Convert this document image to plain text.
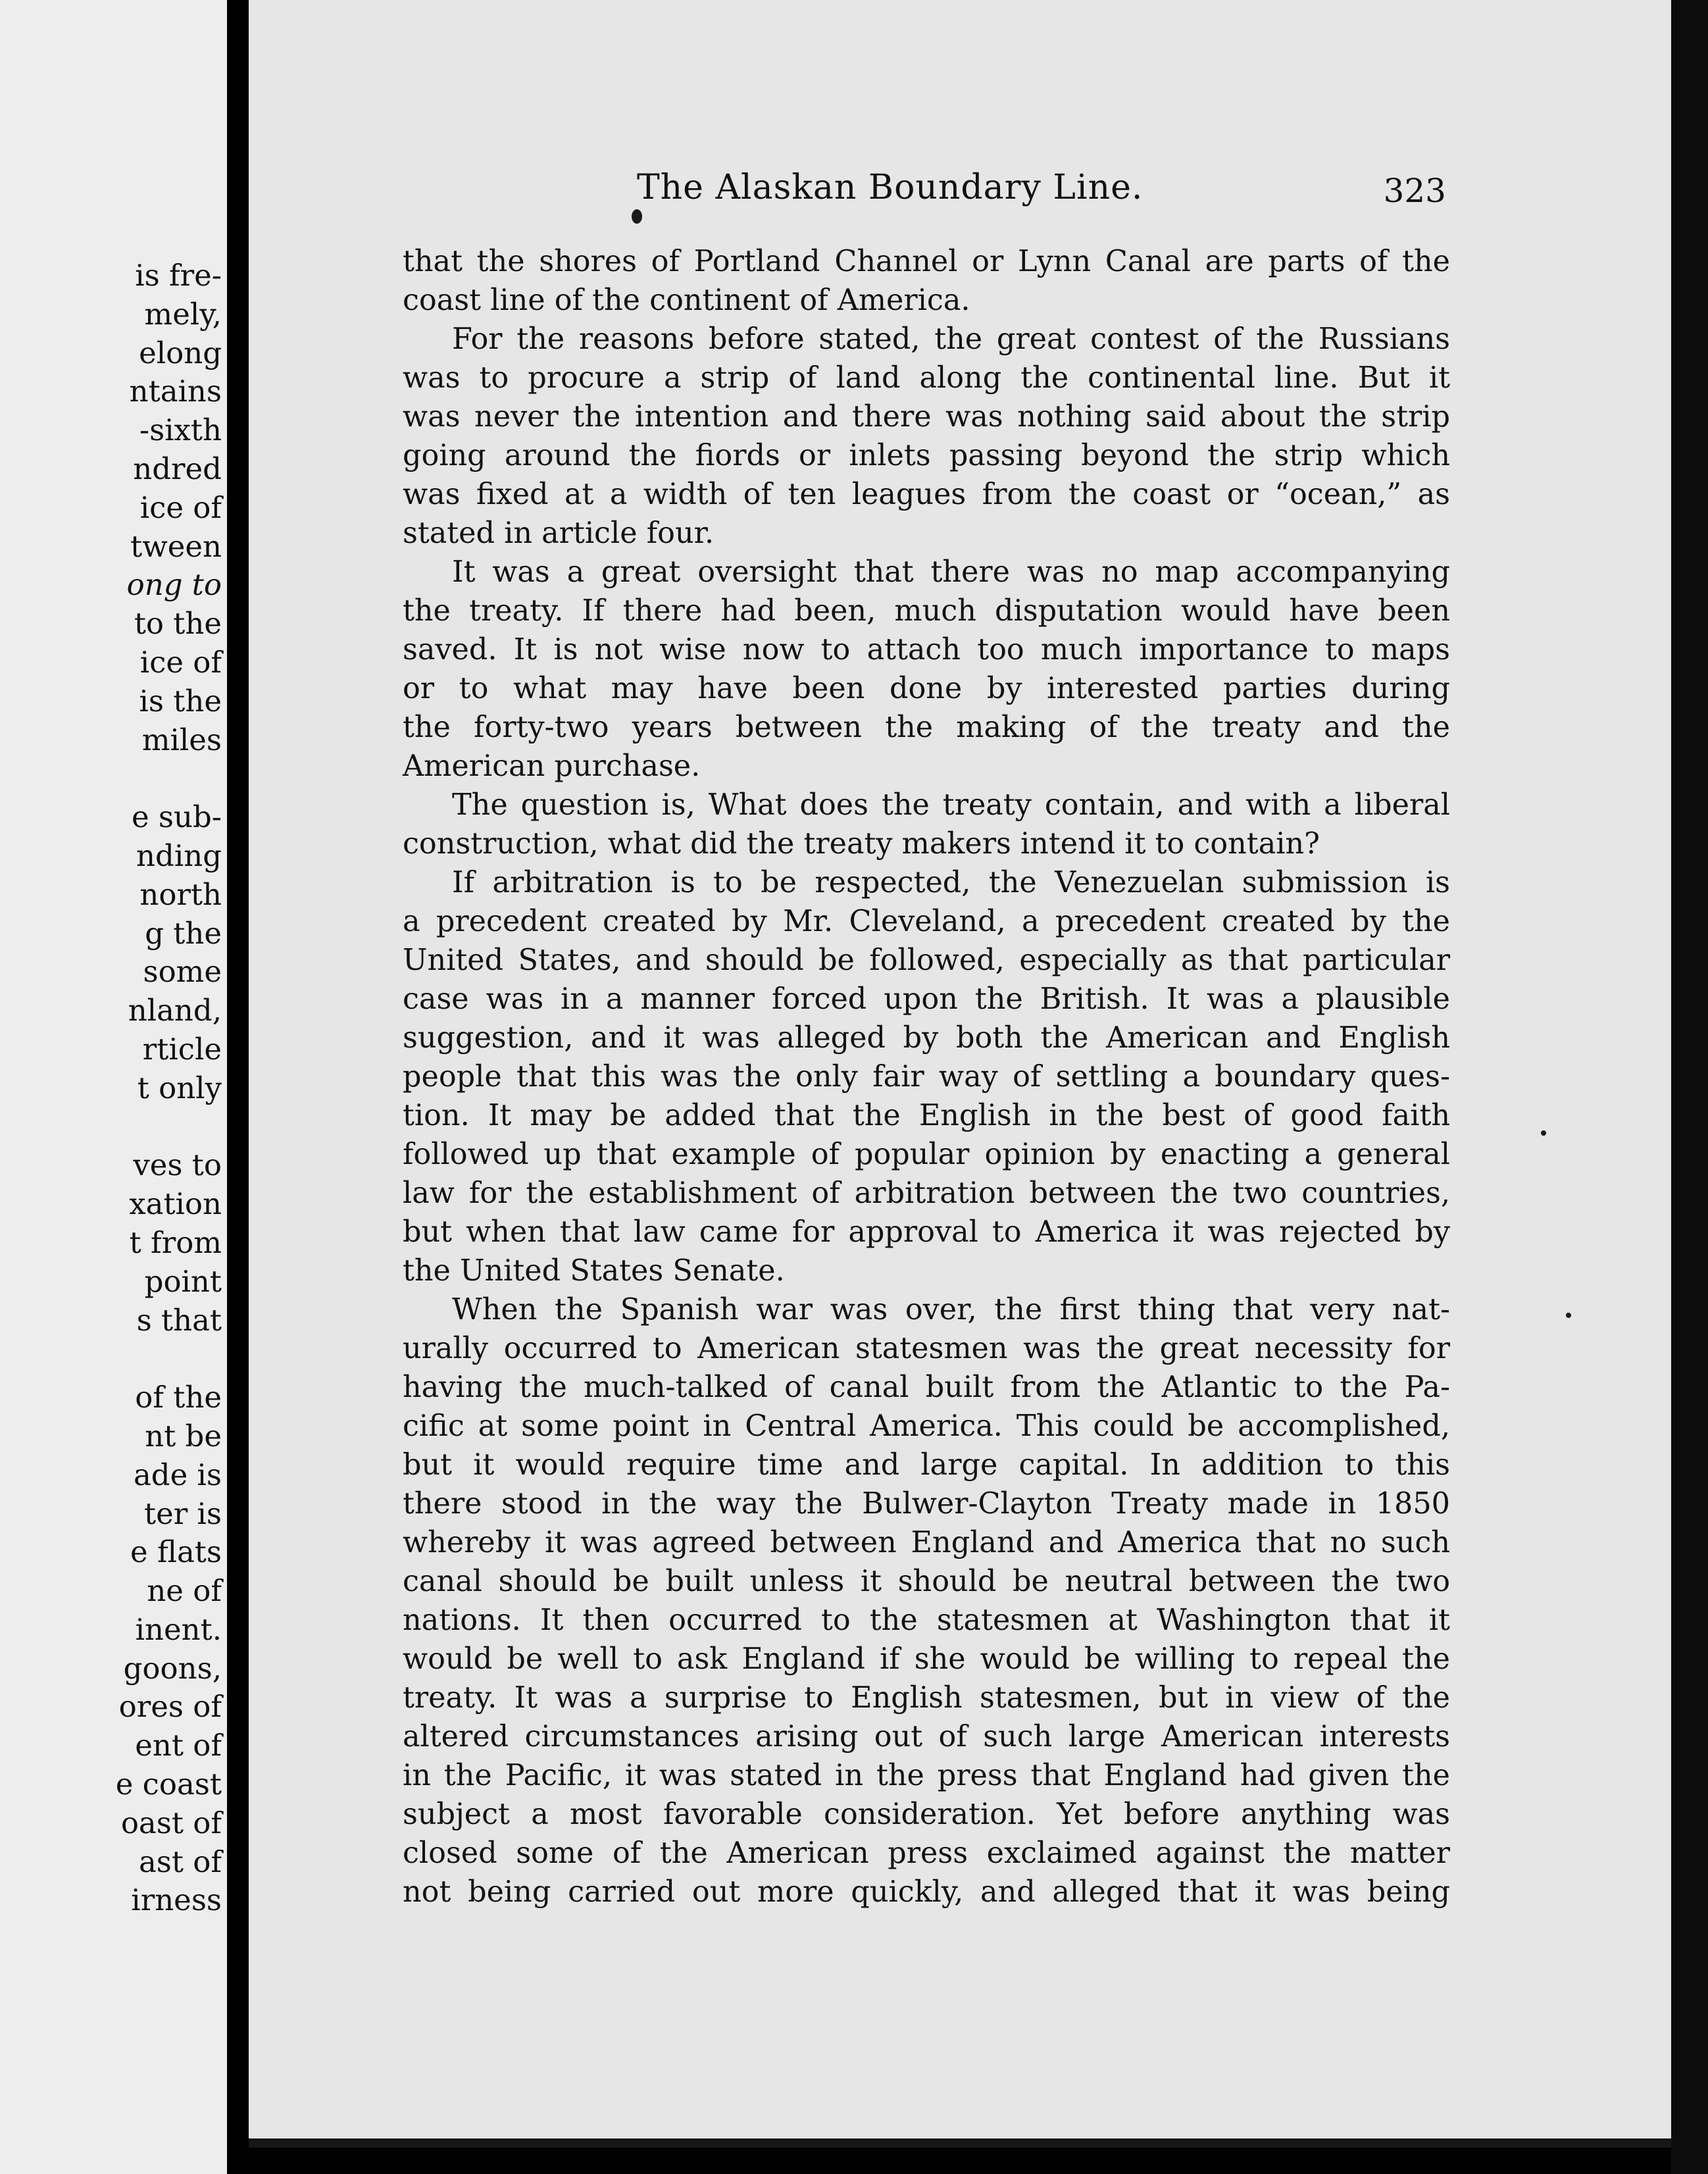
is fre-
mely,
elong
ntains
-sixth
ndred
ice of
tween
ong to
to the
ice of
is the
miles
e sub-
nding
north
g the
some
nland,
rticle
t only
ves to
xation
t from
point
s that
of the
nt be
ade is
ter is
e flats
ne of
inent.
goons,
ores of
ent of
e coast
oast of
ast of
irness
The Alaskan Boundary Line.	323
that the shores of Portland Channel or Lynn Canal are parts of the
coast line of the continent of America.
For the reasons before stated, the great contest of the Russians
was to procure a strip of land along the continental line. But it
was never the intention and there was nothing said about the strip
going around the fiords or inlets passing beyond the strip which
was fixed at a width of ten leagues from the coast or “ocean,” as
stated in article four.
It was a great oversight that there was no map accompanying
the treaty. If there had been, much disputation would have been
saved. It is not wise now to attach too much importance to maps
or to what may have been done by interested parties during
the forty-two years between the making of the treaty and the
American purchase.
The question is, What does the treaty contain, and with a liberal
construction, what did the treaty makers intend it to contain?
If arbitration is to be respected, the Venezuelan submission is
a precedent created by Mr. Cleveland, a precedent created by the
United States, and should be followed, especially as that particular
case was in a manner forced upon the British. It was a plausible
suggestion, and it was alleged by both the American and English
people that this was the only fair way of settling a boundary ques-
tion. It may be added that the English in the best of good faith
followed up that example of popular opinion by enacting a general
law for the establishment of arbitration between the two countries,
but when that law came for approval to America it was rejected by
the United States Senate.
When the Spanish war was over, the first thing that very nat-
urally occurred to American statesmen was the great necessity for
having the much-talked of canal built from the Atlantic to the Pa-
cific at some point in Central America. This could be accomplished,
but it would require time and large capital. In addition to this
there stood in the way the Bulwer-Clayton Treaty made in 1850
whereby it was agreed between England and America that no such
canal should be built unless it should be neutral between the two
nations. It then occurred to the statesmen at Washington that it
would be well to ask England if she would be willing to repeal the
treaty. It was a surprise to English statesmen, but in view of the
altered circumstances arising out of such large American interests
in the Pacific, it was stated in the press that England had given the
subject a most favorable consideration. Yet before anything was
closed some of the American press exclaimed against the matter
not being carried out more quickly, and alleged that it was being
